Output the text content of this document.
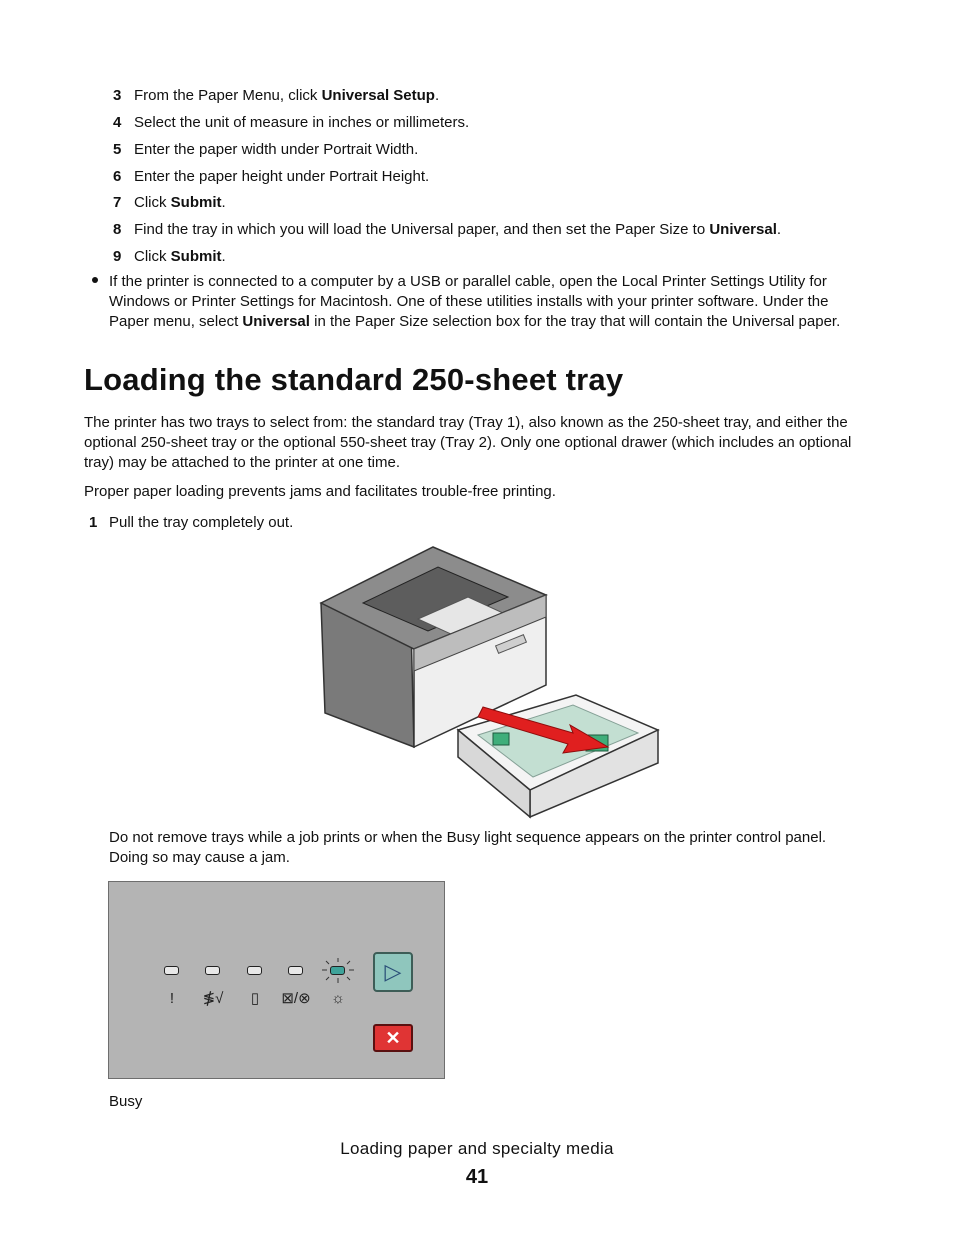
3 From the Paper Menu, click Universal Setup.
4 Select the unit of measure in inches or millimeters.
5 Enter the paper width under Portrait Width.
6 Enter the paper height under Portrait Height.
7 Click Submit.
8 Find the tray in which you will load the Universal paper, and then set the Paper Size to Universal.
9 Click Submit.
If the printer is connected to a computer by a USB or parallel cable, open the Local Printer Settings Utility for
Windows or Printer Settings for Macintosh. One of these utilities installs with your printer software. Under the
Paper menu, select Universal in the Paper Size selection box for the tray that will contain the Universal paper.
Loading the standard 250-sheet tray
The printer has two trays to select from: the standard tray (Tray 1), also known as the 250-sheet tray, and either the
optional 250-sheet tray or the optional 550-sheet tray (Tray 2). Only one optional drawer (which includes an optional
tray) may be attached to the printer at one time.
Proper paper loading prevents jams and facilitates trouble-free printing.
1 Pull the tray completely out.
Do not remove trays while a job prints or when the Busy light sequence appears on the printer control panel.
Doing so may cause a jam.
!	≸√	▯	⊠/⊗	☼
▷
✕
Busy
Loading paper and specialty media
41
